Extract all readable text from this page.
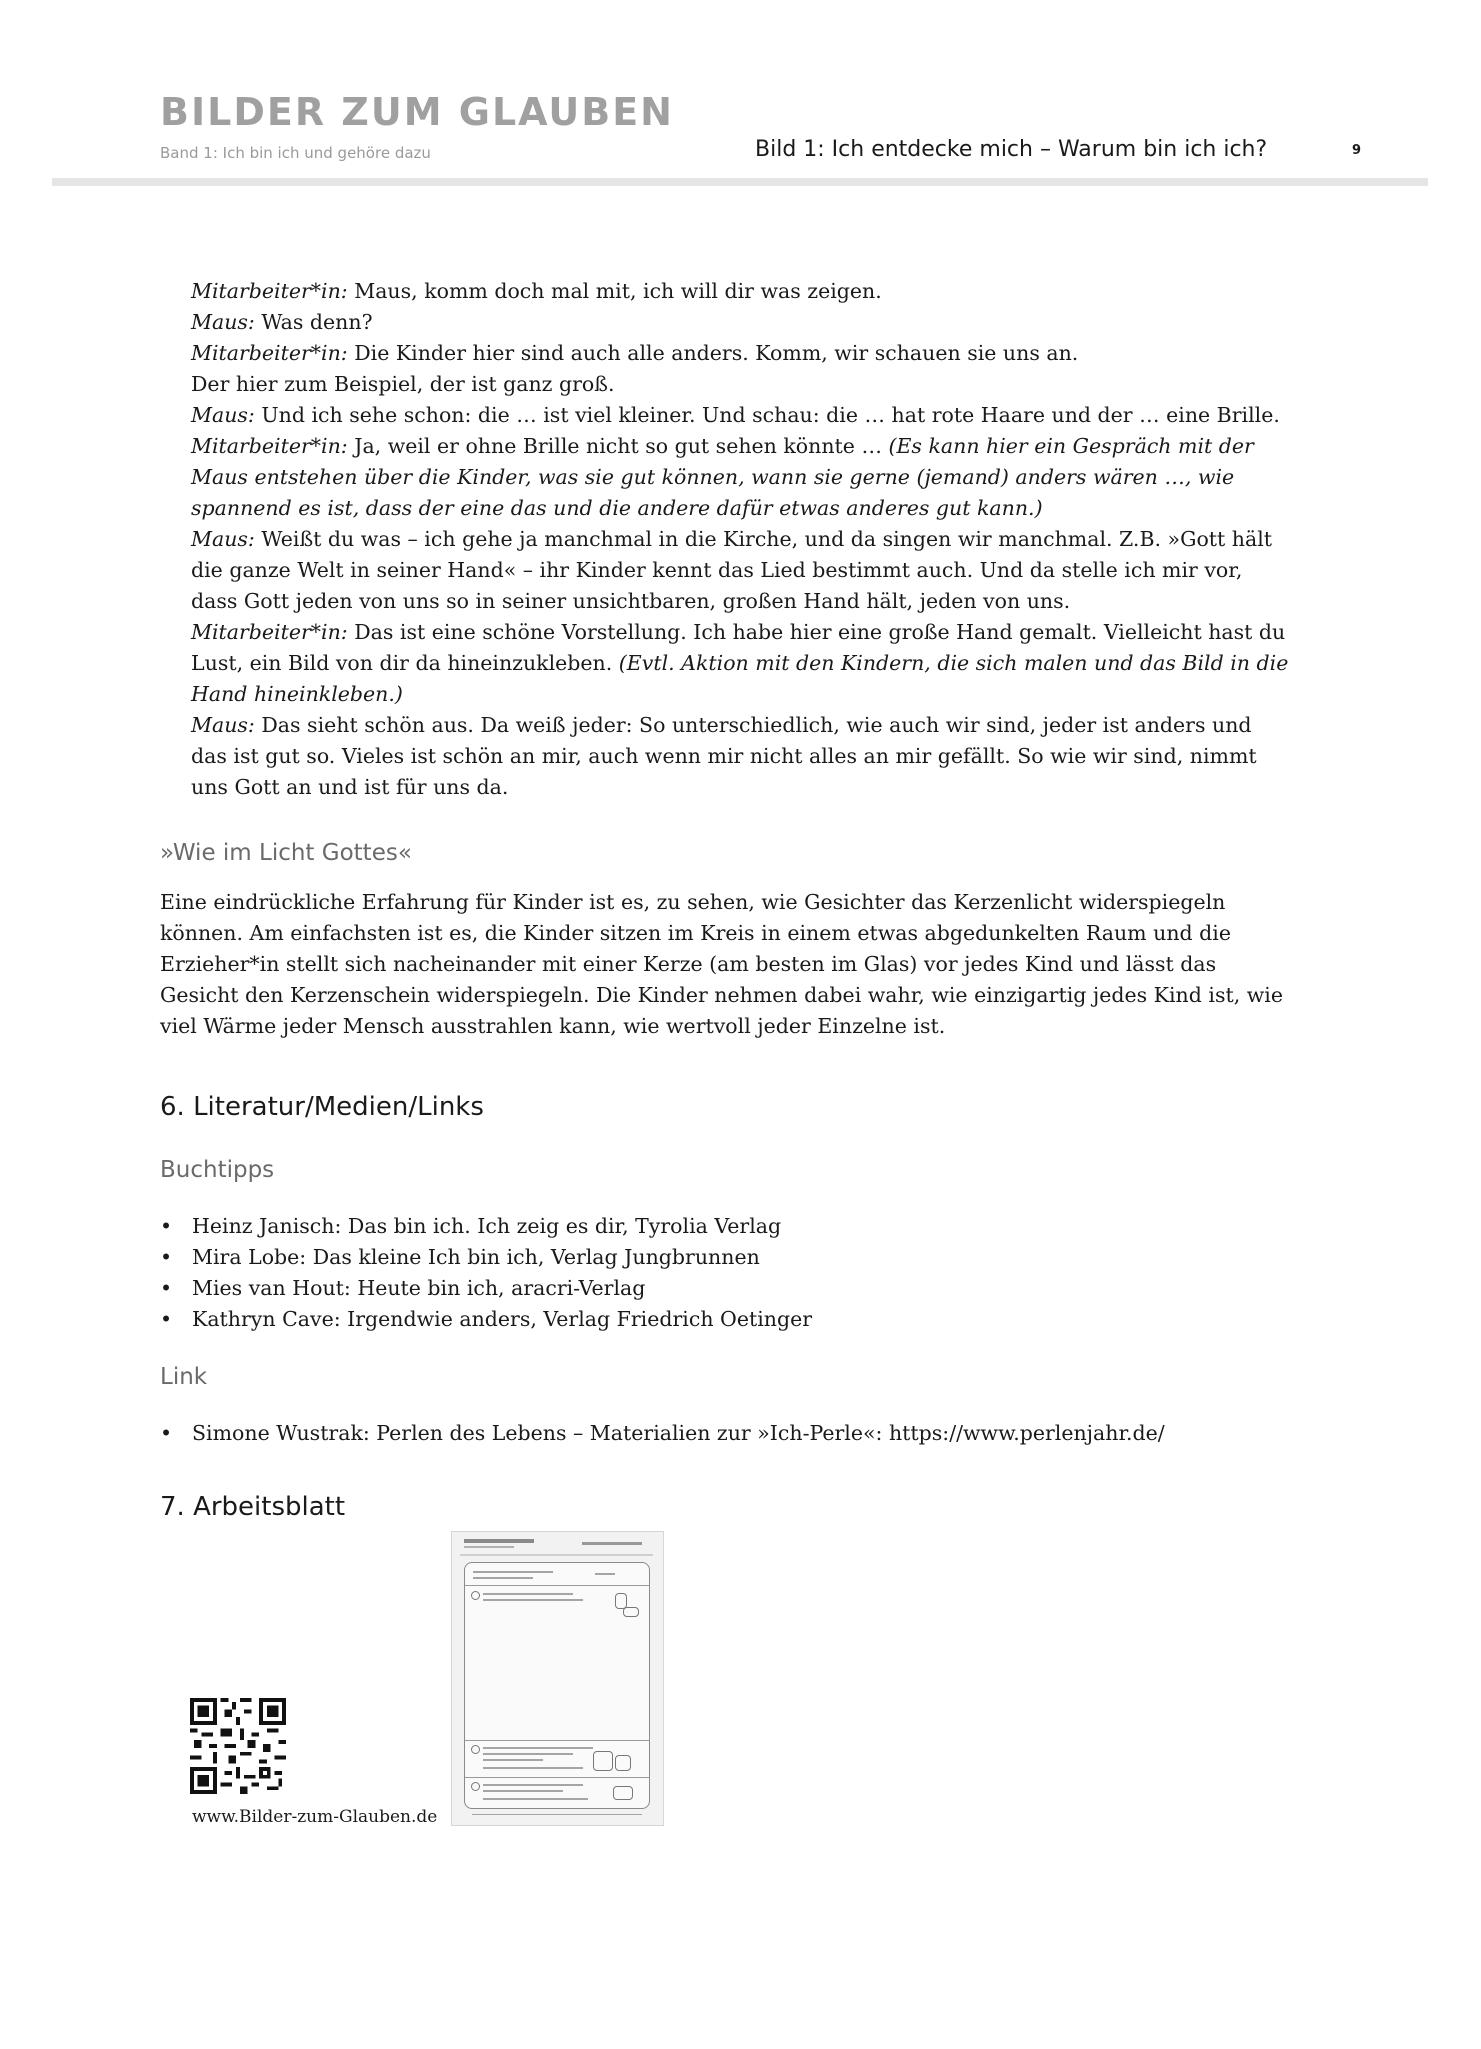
BILDER ZUM GLAUBEN
Band 1: Ich bin ich und gehöre dazu	Bild 1: Ich entdecke mich – Warum bin ich ich?	9

Mitarbeiter*in: Maus, komm doch mal mit, ich will dir was zeigen.

Maus: Was denn?

Mitarbeiter*in: Die Kinder hier sind auch alle anders. Komm, wir schauen sie uns an.

Der hier zum Beispiel, der ist ganz groß.

Maus: Und ich sehe schon: die … ist viel kleiner. Und schau: die … hat rote Haare und der … eine Brille.

Mitarbeiter*in: Ja, weil er ohne Brille nicht so gut sehen könnte … (Es kann hier ein Gespräch mit der Maus entstehen über die Kinder, was sie gut können, wann sie gerne (jemand) anders wären …, wie spannend es ist, dass der eine das und die andere dafür etwas anderes gut kann.)

Maus: Weißt du was – ich gehe ja manchmal in die Kirche, und da singen wir manchmal. Z.B. »Gott hält die ganze Welt in seiner Hand« – ihr Kinder kennt das Lied bestimmt auch. Und da stelle ich mir vor, dass Gott jeden von uns so in seiner unsichtbaren, großen Hand hält, jeden von uns.

Mitarbeiter*in: Das ist eine schöne Vorstellung. Ich habe hier eine große Hand gemalt. Vielleicht hast du Lust, ein Bild von dir da hineinzukleben. (Evtl. Aktion mit den Kindern, die sich malen und das Bild in die Hand hineinkleben.)

Maus: Das sieht schön aus. Da weiß jeder: So unterschiedlich, wie auch wir sind, jeder ist anders und das ist gut so. Vieles ist schön an mir, auch wenn mir nicht alles an mir gefällt. So wie wir sind, nimmt uns Gott an und ist für uns da.

»Wie im Licht Gottes«
Eine eindrückliche Erfahrung für Kinder ist es, zu sehen, wie Gesichter das Kerzenlicht widerspiegeln können. Am einfachsten ist es, die Kinder sitzen im Kreis in einem etwas abgedunkelten Raum und die Erzieher*in stellt sich nacheinander mit einer Kerze (am besten im Glas) vor jedes Kind und lässt das Gesicht den Kerzenschein widerspiegeln. Die Kinder nehmen dabei wahr, wie einzigartig jedes Kind ist, wie viel Wärme jeder Mensch ausstrahlen kann, wie wertvoll jeder Einzelne ist.
6. Literatur/Medien/Links
Buchtipps
• Heinz Janisch: Das bin ich. Ich zeig es dir, Tyrolia Verlag
• Mira Lobe: Das kleine Ich bin ich, Verlag Jungbrunnen
• Mies van Hout: Heute bin ich, aracri-Verlag
• Kathryn Cave: Irgendwie anders, Verlag Friedrich Oetinger
Link
• Simone Wustrak: Perlen des Lebens – Materialien zur »Ich-Perle«: https://www.perlenjahr.de/
7. Arbeitsblatt
www.Bilder-zum-Glauben.de
